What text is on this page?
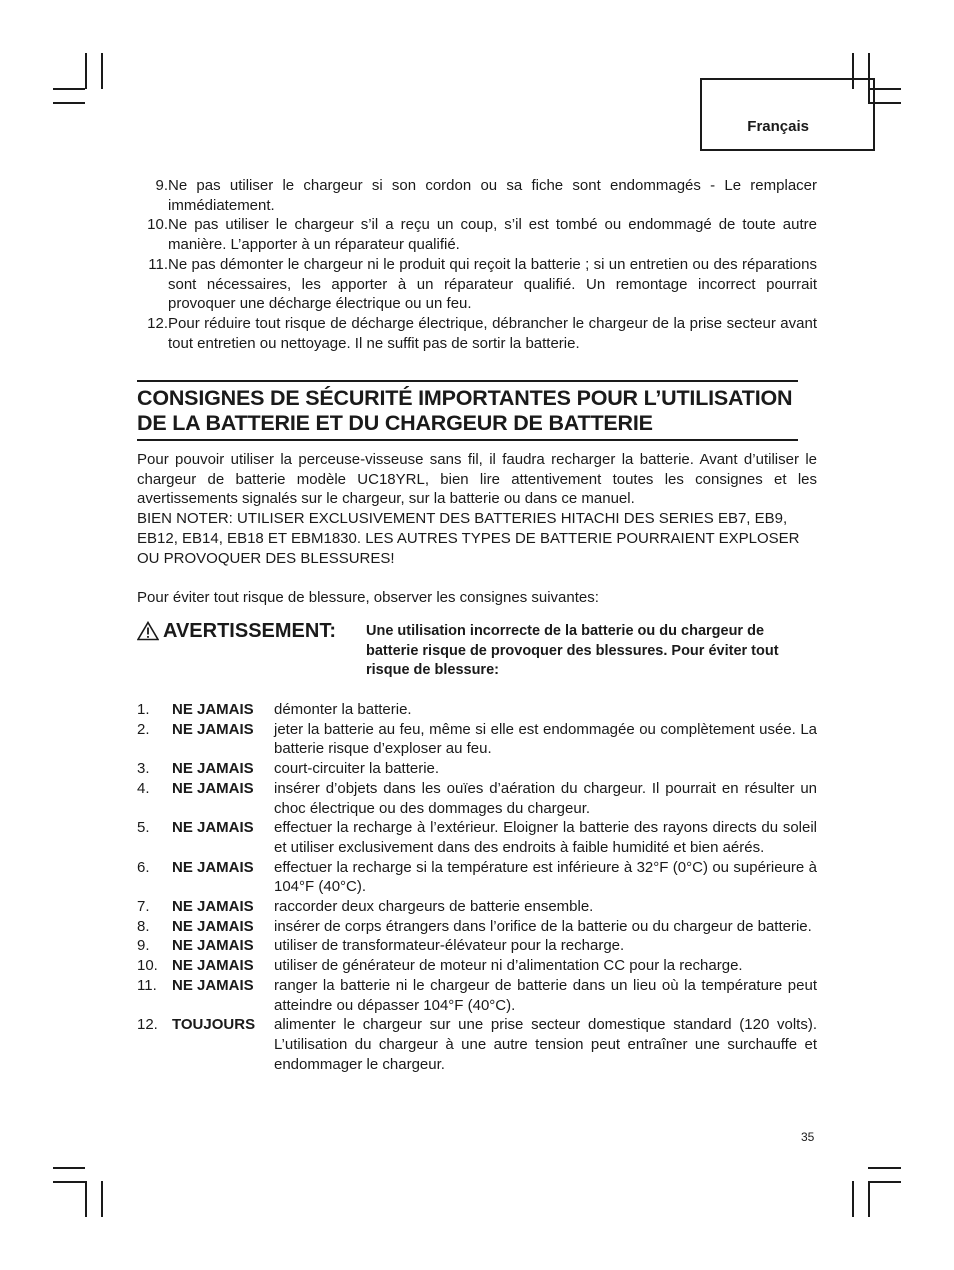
Français
9. Ne pas utiliser le chargeur si son cordon ou sa fiche sont endommagés - Le remplacer immédiatement.
10. Ne pas utiliser le chargeur s’il a reçu un coup, s’il est tombé ou endommagé de toute autre manière. L’apporter à un réparateur qualifié.
11. Ne pas démonter le chargeur ni le produit qui reçoit la batterie ; si un entretien ou des réparations sont nécessaires, les apporter à un réparateur qualifié. Un remontage incorrect pourrait provoquer une décharge électrique ou un feu.
12. Pour réduire tout risque de décharge électrique, débrancher le chargeur de la prise secteur avant tout entretien ou nettoyage. Il ne suffit pas de sortir la batterie.
CONSIGNES DE SÉCURITÉ IMPORTANTES POUR L’UTILISATION
DE LA BATTERIE ET DU CHARGEUR DE BATTERIE
Pour pouvoir utiliser la perceuse-visseuse sans fil, il faudra recharger la batterie. Avant d’utiliser le chargeur de batterie modèle UC18YRL, bien lire attentivement toutes les consignes et les avertissements signalés sur le chargeur, sur la batterie ou dans ce manuel.
BIEN NOTER: UTILISER EXCLUSIVEMENT DES BATTERIES HITACHI DES SERIES EB7, EB9, EB12, EB14, EB18 ET EBM1830. LES AUTRES TYPES DE BATTERIE POURRAIENT EXPLOSER OU PROVOQUER DES BLESSURES!
Pour éviter tout risque de blessure, observer les consignes suivantes:
AVERTISSEMENT: Une utilisation incorrecte de la batterie ou du chargeur de batterie risque de provoquer des blessures. Pour éviter tout risque de blessure:
1.	NE JAMAIS	démonter la batterie.
2.	NE JAMAIS	jeter la batterie au feu, même si elle est endommagée ou complètement usée. La batterie risque d’exploser au feu.
3.	NE JAMAIS	court-circuiter la batterie.
4.	NE JAMAIS	insérer d’objets dans les ouïes d’aération du chargeur. Il pourrait en résulter un choc électrique ou des dommages du chargeur.
5.	NE JAMAIS	effectuer la recharge à l’extérieur. Eloigner la batterie des rayons directs du soleil et utiliser exclusivement dans des endroits à faible humidité et bien aérés.
6.	NE JAMAIS	effectuer la recharge si la température est inférieure à 32°F (0°C) ou supérieure à 104°F (40°C).
7.	NE JAMAIS	raccorder deux chargeurs de batterie ensemble.
8.	NE JAMAIS	insérer de corps étrangers dans l’orifice de la batterie ou du chargeur de batterie.
9.	NE JAMAIS	utiliser de transformateur-élévateur pour la recharge.
10. NE JAMAIS	utiliser de générateur de moteur ni d’alimentation CC pour la recharge.
11.	NE JAMAIS	ranger la batterie ni le chargeur de batterie dans un lieu où la température peut atteindre ou dépasser 104°F (40°C).
12. TOUJOURS	alimenter le chargeur sur une prise secteur domestique standard (120 volts). L’utilisation du chargeur à une autre tension peut entraîner une surchauffe et endommager le chargeur.
35
